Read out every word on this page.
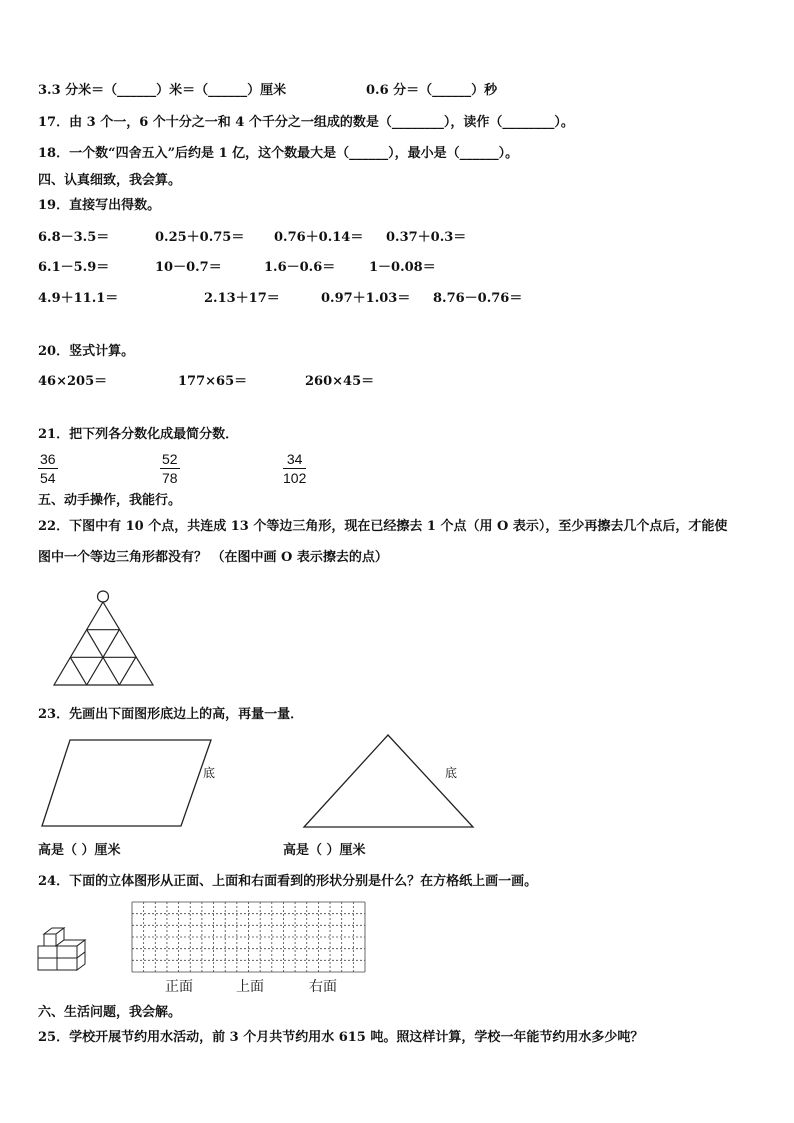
3.3 分米＝（______）米＝（______）厘米	0.6 分＝（______）秒
17．由 3 个一，6 个十分之一和 4 个千分之一组成的数是（________），读作（________）。
18．一个数“四舍五入”后约是 1 亿，这个数最大是（______），最小是（______）。
四、认真细致，我会算。
19．直接写出得数。
6.8－3.5＝	0.25＋0.75＝ 0.76＋0.14＝ 0.37＋0.3＝
6.1－5.9＝	10－0.7＝	1.6－0.6＝	1－0.08＝
4.9＋11.1＝	2.13＋17＝	0.97＋1.03＝ 8.76－0.76＝
20．竖式计算。
46×205＝	177×65＝	260×45＝
21．把下列各分数化成最简分数．
$\frac{36}{54}$	$\frac{52}{78}$	$\frac{34}{102}$
五、动手操作，我能行。
22．下图中有 10 个点，共连成 13 个等边三角形，现在已经擦去 1 个点（用 O 表示），至少再擦去几个点后，才能使
图中一个等边三角形都没有？ （在图中画 O 表示擦去的点）
23．先画出下面图形底边上的高，再量一量．
底	底
高是（ ）厘米	高是（ ）厘米
24．下面的立体图形从正面、上面和右面看到的形状分别是什么？在方格纸上画一画。
正面	上面	右面
六、生活问题，我会解。
25．学校开展节约用水活动，前 3 个月共节约用水 615 吨。照这样计算，学校一年能节约用水多少吨？
